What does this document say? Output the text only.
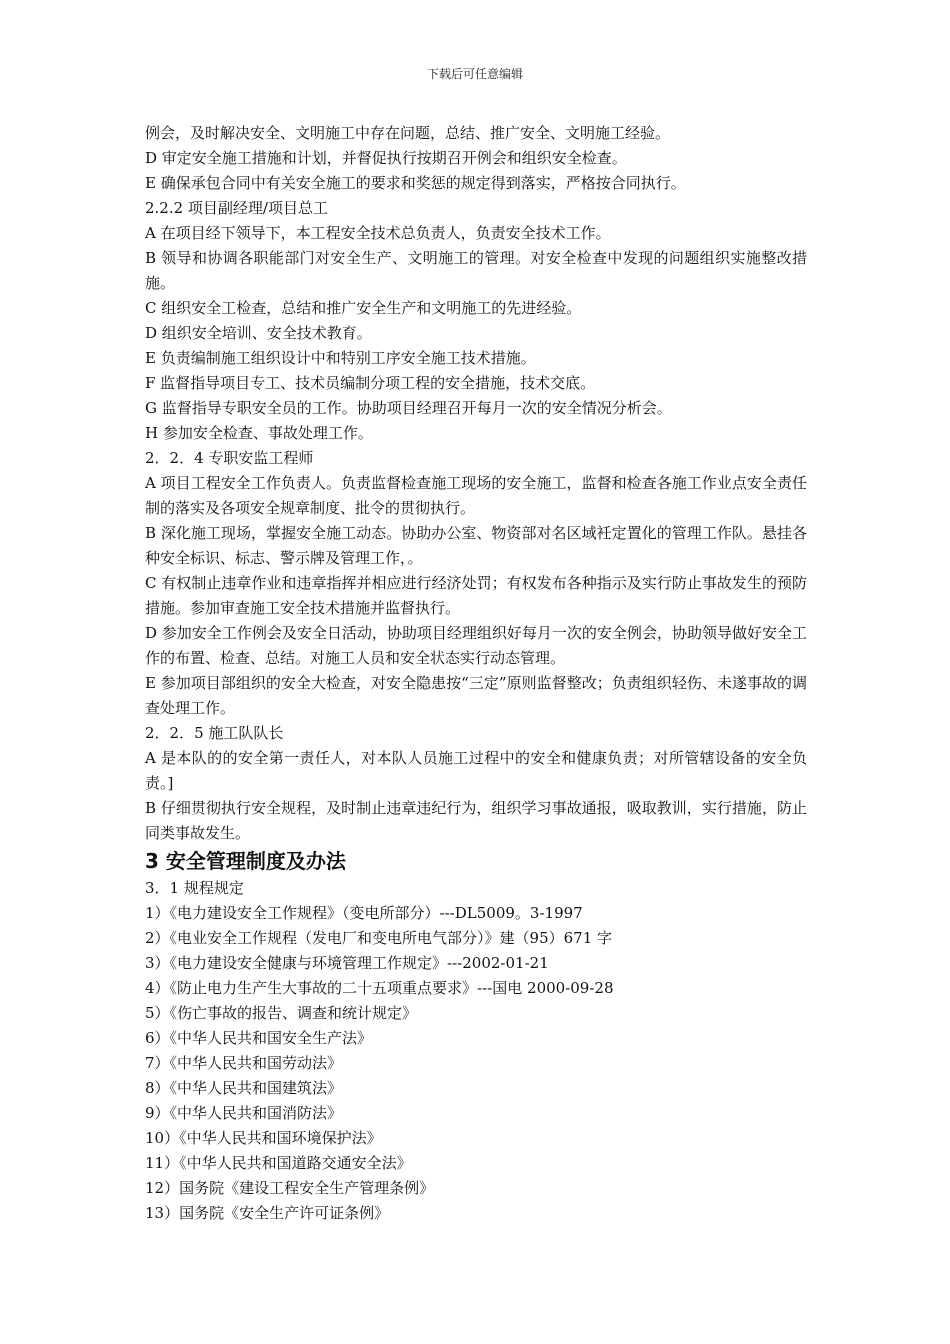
下载后可任意编辑

例会，及时解决安全、文明施工中存在问题，总结、推广安全、文明施工经验。

D 审定安全施工措施和计划，并督促执行按期召开例会和组织安全检查。

E 确保承包合同中有关安全施工的要求和奖惩的规定得到落实，严格按合同执行。

2.2.2 项目副经理/项目总工

A 在项目经下领导下，本工程安全技术总负责人，负责安全技术工作。

B 领导和协调各职能部门对安全生产、文明施工的管理。对安全检查中发现的问题组织实施整改措施。

C 组织安全工检查，总结和推广安全生产和文明施工的先进经验。

D 组织安全培训、安全技术教育。

E 负责编制施工组织设计中和特别工序安全施工技术措施。

F 监督指导项目专工、技术员编制分项工程的安全措施，技术交底。

G 监督指导专职安全员的工作。协助项目经理召开每月一次的安全情况分析会。

H 参加安全检查、事故处理工作。

2．2．4 专职安监工程师

A 项目工程安全工作负责人。负责监督检查施工现场的安全施工，监督和检查各施工作业点安全责任制的落实及各项安全规章制度、批令的贯彻执行。

B 深化施工现场，掌握安全施工动态。协助办公室、物资部对名区域衽定置化的管理工作队。悬挂各种安全标识、标志、警示牌及管理工作，。

C 有权制止违章作业和违章指挥并相应进行经济处罚；有权发布各种指示及实行防止事故发生的预防措施。参加审查施工安全技术措施并监督执行。

D 参加安全工作例会及安全日活动，协助项目经理组织好每月一次的安全例会，协助领导做好安全工作的布置、检查、总结。对施工人员和安全状态实行动态管理。

E 参加项目部组织的安全大检查，对安全隐患按“三定”原则监督整改；负责组织轻伤、未遂事故的调查处理工作。

2．2．5 施工队队长

A 是本队的的安全第一责任人，对本队人员施工过程中的安全和健康负责；对所管辖设备的安全负责。]

B 仔细贯彻执行安全规程，及时制止违章违纪行为，组织学习事故通报，吸取教训，实行措施，防止同类事故发生。

3 安全管理制度及办法

3．1 规程规定

1）《电力建设安全工作规程》（变电所部分）---DL5009。3-1997

2）《电业安全工作规程（发电厂和变电所电气部分）》建（95）671 字

3）《电力建设安全健康与环境管理工作规定》---2002-01-21

4）《防止电力生产生大事故的二十五项重点要求》---国电 2000-09-28

5）《伤亡事故的报告、调查和统计规定》

6）《中华人民共和国安全生产法》

7）《中华人民共和国劳动法》

8）《中华人民共和国建筑法》

9）《中华人民共和国消防法》

10）《中华人民共和国环境保护法》

11）《中华人民共和国道路交通安全法》

12）国务院《建设工程安全生产管理条例》

13）国务院《安全生产许可证条例》
